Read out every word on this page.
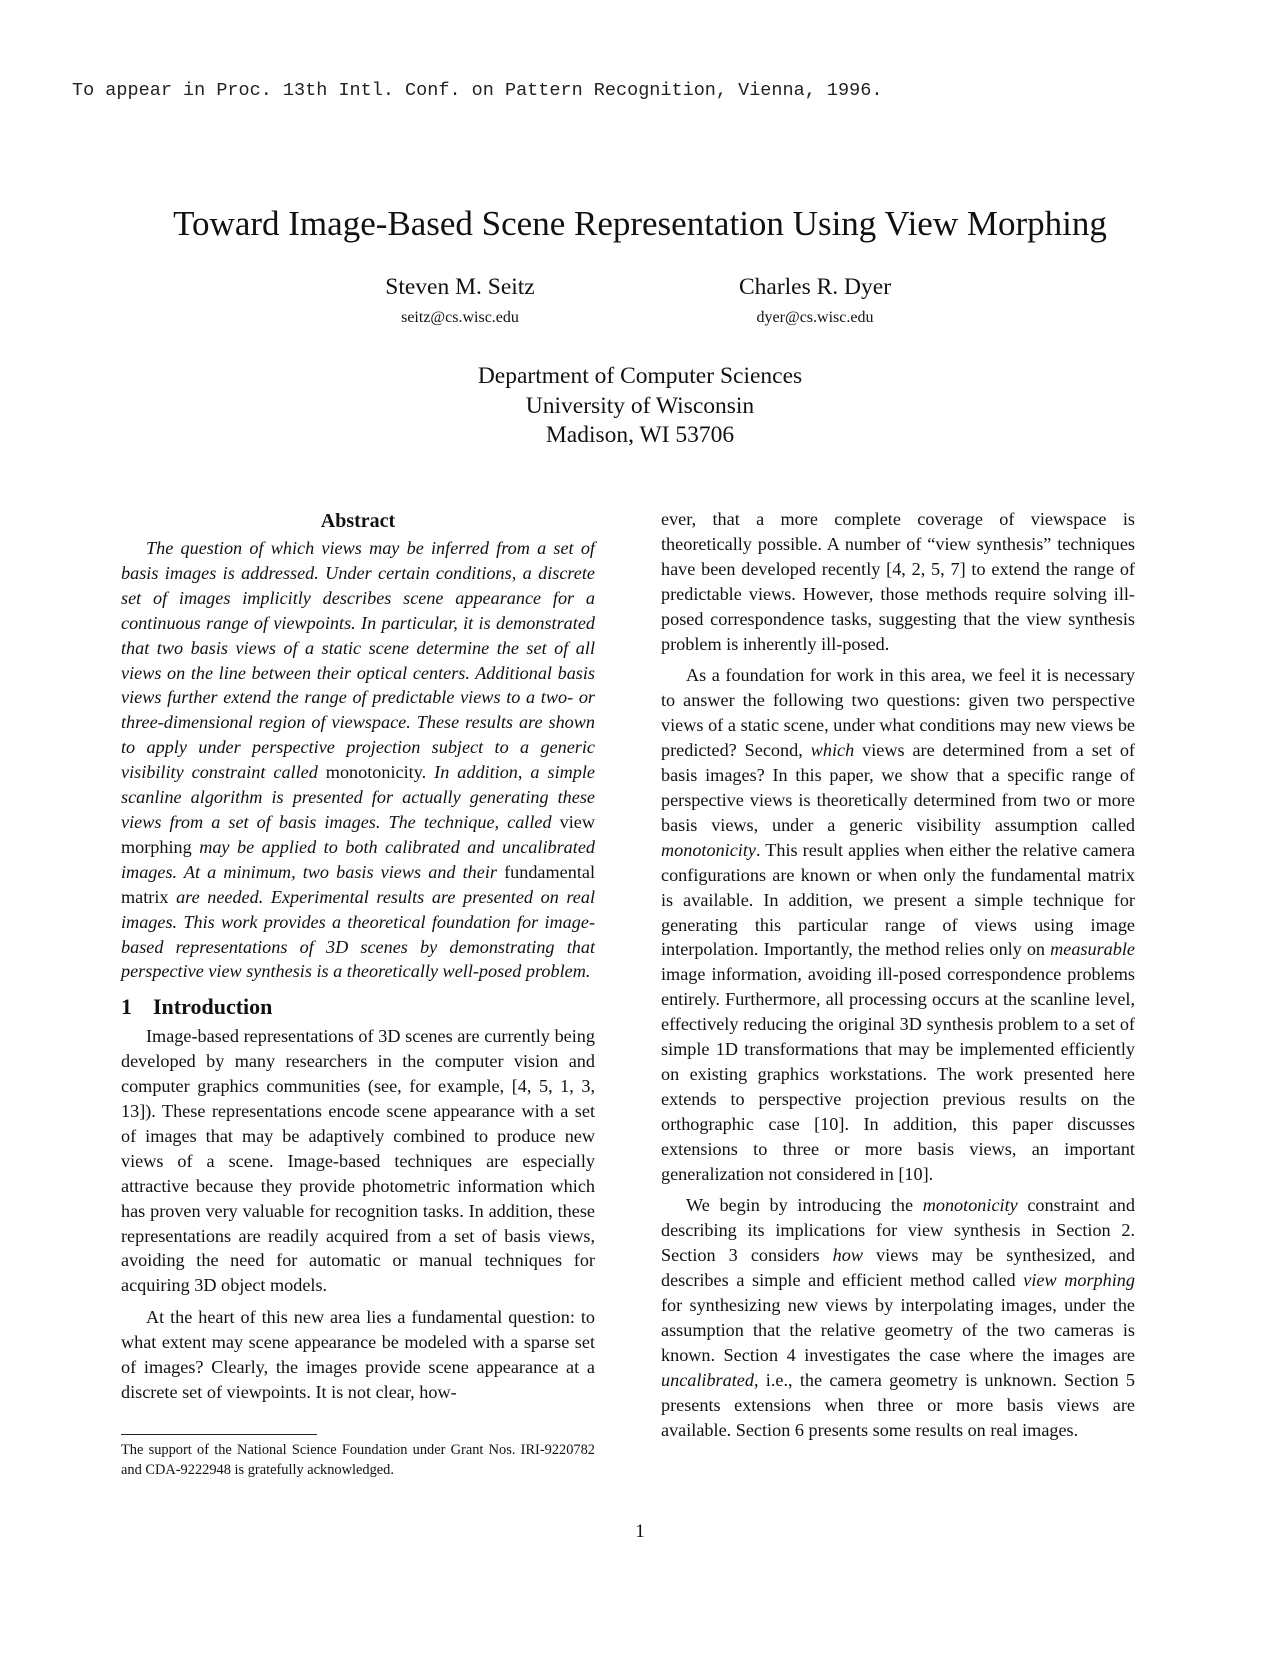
To appear in Proc. 13th Intl. Conf. on Pattern Recognition, Vienna, 1996.
Toward Image-Based Scene Representation Using View Morphing
Steven M. Seitz
seitz@cs.wisc.edu
Charles R. Dyer
dyer@cs.wisc.edu
Department of Computer Sciences
University of Wisconsin
Madison, WI 53706
Abstract

The question of which views may be inferred from a set of basis images is addressed. Under certain conditions, a discrete set of images implicitly describes scene appearance for a continuous range of viewpoints. In particular, it is demonstrated that two basis views of a static scene determine the set of all views on the line between their optical centers. Additional basis views further extend the range of predictable views to a two- or three-dimensional region of viewspace. These results are shown to apply under perspective projection subject to a generic visibility constraint called monotonicity. In addition, a simple scanline algorithm is presented for actually generating these views from a set of basis images. The technique, called view morphing may be applied to both calibrated and uncalibrated images. At a minimum, two basis views and their fundamental matrix are needed. Experimental results are presented on real images. This work provides a theoretical foundation for image-based representations of 3D scenes by demonstrating that perspective view synthesis is a theoretically well-posed problem.

1 Introduction

Image-based representations of 3D scenes are currently being developed by many researchers in the computer vision and computer graphics communities (see, for example, [4, 5, 1, 3, 13]). These representations encode scene appearance with a set of images that may be adaptively combined to produce new views of a scene. Image-based techniques are especially attractive because they provide photometric information which has proven very valuable for recognition tasks. In addition, these representations are readily acquired from a set of basis views, avoiding the need for automatic or manual techniques for acquiring 3D object models.

At the heart of this new area lies a fundamental question: to what extent may scene appearance be modeled with a sparse set of images? Clearly, the images provide scene appearance at a discrete set of viewpoints. It is not clear, how-

The support of the National Science Foundation under Grant Nos. IRI-9220782 and CDA-9222948 is gratefully acknowledged.

ever, that a more complete coverage of viewspace is theoretically possible. A number of “view synthesis” techniques have been developed recently [4, 2, 5, 7] to extend the range of predictable views. However, those methods require solving ill-posed correspondence tasks, suggesting that the view synthesis problem is inherently ill-posed.

As a foundation for work in this area, we feel it is necessary to answer the following two questions: given two perspective views of a static scene, under what conditions may new views be predicted? Second, which views are determined from a set of basis images? In this paper, we show that a specific range of perspective views is theoretically determined from two or more basis views, under a generic visibility assumption called monotonicity. This result applies when either the relative camera configurations are known or when only the fundamental matrix is available. In addition, we present a simple technique for generating this particular range of views using image interpolation. Importantly, the method relies only on measurable image information, avoiding ill-posed correspondence problems entirely. Furthermore, all processing occurs at the scanline level, effectively reducing the original 3D synthesis problem to a set of simple 1D transformations that may be implemented efficiently on existing graphics workstations. The work presented here extends to perspective projection previous results on the orthographic case [10]. In addition, this paper discusses extensions to three or more basis views, an important generalization not considered in [10].

We begin by introducing the monotonicity constraint and describing its implications for view synthesis in Section 2. Section 3 considers how views may be synthesized, and describes a simple and efficient method called view morphing for synthesizing new views by interpolating images, under the assumption that the relative geometry of the two cameras is known. Section 4 investigates the case where the images are uncalibrated, i.e., the camera geometry is unknown. Section 5 presents extensions when three or more basis views are available. Section 6 presents some results on real images.

1
